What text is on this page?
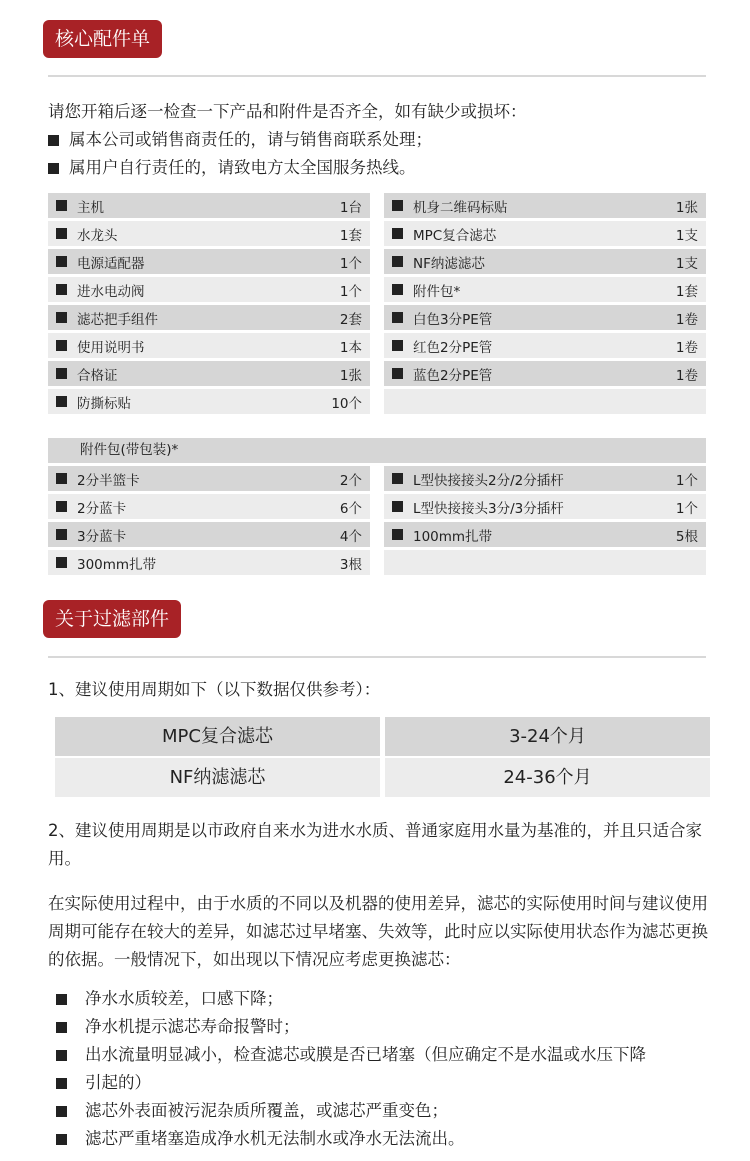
核心配件单
请您开箱后逐一检查一下产品和附件是否齐全，如有缺少或损坏：
属本公司或销售商责任的，请与销售商联系处理；
属用户自行责任的，请致电方太全国服务热线。
主机	1台	机身二维码标贴	1张
水龙头	1套	MPC复合滤芯	1支
电源适配器	1个	NF纳滤滤芯	1支
进水电动阀	1个	附件包*	1套
滤芯把手组件	2套	白色3分PE管	1卷
使用说明书	1本	红色2分PE管	1卷
合格证	1张	蓝色2分PE管	1卷
防撕标贴	10个
附件包(带包装)*
2分半篮卡	2个	L型快接接头2分/2分插杆	1个
2分蓝卡	6个	L型快接接头3分/3分插杆	1个
3分蓝卡	4个	100mm扎带	5根
300mm扎带	3根
关于过滤部件
1、建议使用周期如下（以下数据仅供参考）：
MPC复合滤芯	3-24个月
NF纳滤滤芯	24-36个月
2、建议使用周期是以市政府自来水为进水水质、普通家庭用水量为基准的，并且只适合家用。
在实际使用过程中，由于水质的不同以及机器的使用差异，滤芯的实际使用时间与建议使用周期可能存在较大的差异，如滤芯过早堵塞、失效等，此时应以实际使用状态作为滤芯更换的依据。一般情况下，如出现以下情况应考虑更换滤芯：
净水水质较差，口感下降；
净水机提示滤芯寿命报警时；
出水流量明显减小，检查滤芯或膜是否已堵塞（但应确定不是水温或水压下降
引起的）
滤芯外表面被污泥杂质所覆盖，或滤芯严重变色；
滤芯严重堵塞造成净水机无法制水或净水无法流出。
